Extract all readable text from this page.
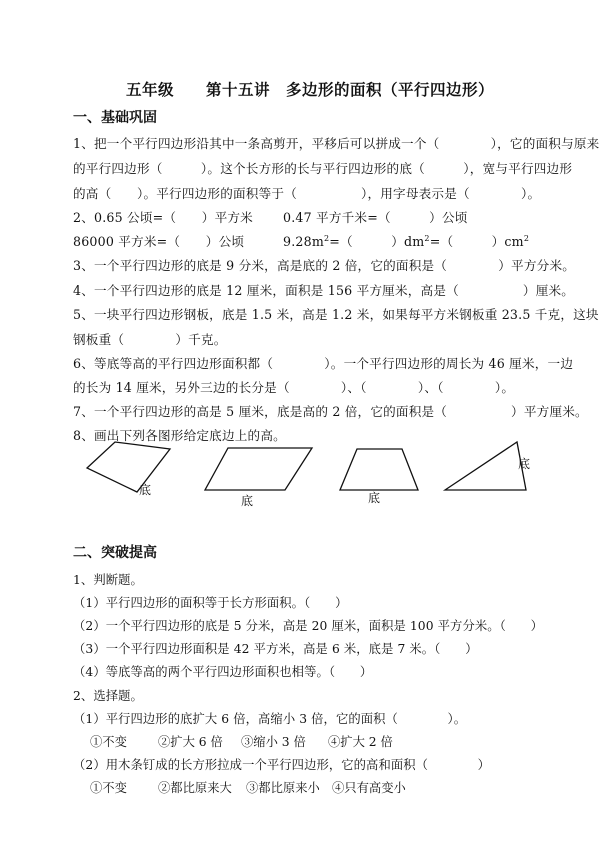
五年级　　第十五讲　多边形的面积（平行四边形）
一、基础巩固
1、把一个平行四边形沿其中一条高剪开，平移后可以拼成一个（　　　　），它的面积与原来
的平行四边形（　　　）。这个长方形的长与平行四边形的底（　　　），宽与平行四边形
的高（　　）。平行四边形的面积等于（　　　　　），用字母表示是（　　　　）。
2、0.65 公顷=（　　）平方米 0.47 平方千米=（　　　）公顷
86000 平方米=（　　）公顷	$9.28m^2=$（　　　）$dm^2=$（　　　）$cm^2$
3、一个平行四边形的底是 9 分米，高是底的 2 倍，它的面积是（　　　　）平方分米。
4、一个平行四边形的底是 12 厘米，面积是 156 平方厘米，高是（　　　　　）厘米。
5、一块平行四边形钢板，底是 1.5 米，高是 1.2 米，如果每平方米钢板重 23.5 千克，这块
钢板重（　　　　）千克。
6、等底等高的平行四边形面积都（　　　　）。一个平行四边形的周长为 46 厘米，一边
的长为 14 厘米，另外三边的长分是（　　　　）、（　　　　）、（　　　　）。
7、一个平行四边形的高是 5 厘米，底是高的 2 倍，它的面积是（　　　　　）平方厘米。
8、画出下列各图形给定底边上的高。
底
底	底
底
二、突破提高
1、判断题。
（1）平行四边形的面积等于长方形面积。（　　）
（2）一个平行四边形的底是 5 分米，高是 20 厘米，面积是 100 平方分米。（　　）
（3）一个平行四边形面积是 42 平方米，高是 6 米，底是 7 米。（　　）
（4）等底等高的两个平行四边形面积也相等。（　　）
2、选择题。
（1）平行四边形的底扩大 6 倍，高缩小 3 倍，它的面积（　　　　）。
①不变	②扩大 6 倍 ③缩小 3 倍 ④扩大 2 倍
（2）用木条钉成的长方形拉成一个平行四边形，它的高和面积（　　　　）
①不变	②都比原来大 ③都比原来小 ④只有高变小
